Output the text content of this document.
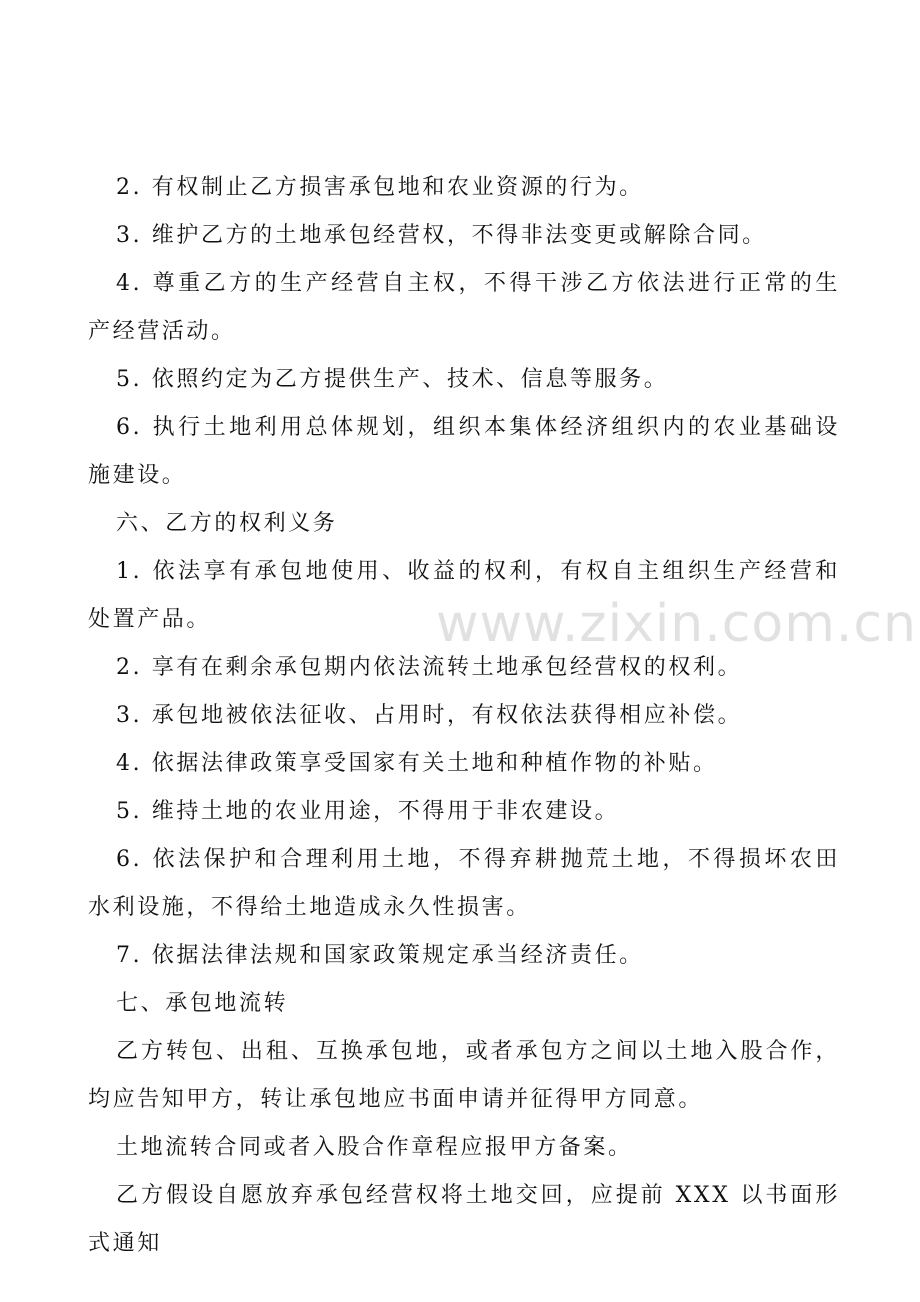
2. 有权制止乙方损害承包地和农业资源的行为。

3. 维护乙方的土地承包经营权，不得非法变更或解除合同。

4. 尊重乙方的生产经营自主权，不得干涉乙方依法进行正常的生产经营活动。

5. 依照约定为乙方提供生产、技术、信息等服务。

6. 执行土地利用总体规划，组织本集体经济组织内的农业基础设施建设。

六、乙方的权利义务

1. 依法享有承包地使用、收益的权利，有权自主组织生产经营和处置产品。

2. 享有在剩余承包期内依法流转土地承包经营权的权利。

3. 承包地被依法征收、占用时，有权依法获得相应补偿。

4. 依据法律政策享受国家有关土地和种植作物的补贴。

5. 维持土地的农业用途，不得用于非农建设。

6. 依法保护和合理利用土地，不得弃耕抛荒土地，不得损坏农田水利设施，不得给土地造成永久性损害。

7. 依据法律法规和国家政策规定承当经济责任。

七、承包地流转

乙方转包、出租、互换承包地，或者承包方之间以土地入股合作，均应告知甲方，转让承包地应书面申请并征得甲方同意。

土地流转合同或者入股合作章程应报甲方备案。

乙方假设自愿放弃承包经营权将土地交回，应提前 XXX 以书面形式通知

www.zixin.com.cn
